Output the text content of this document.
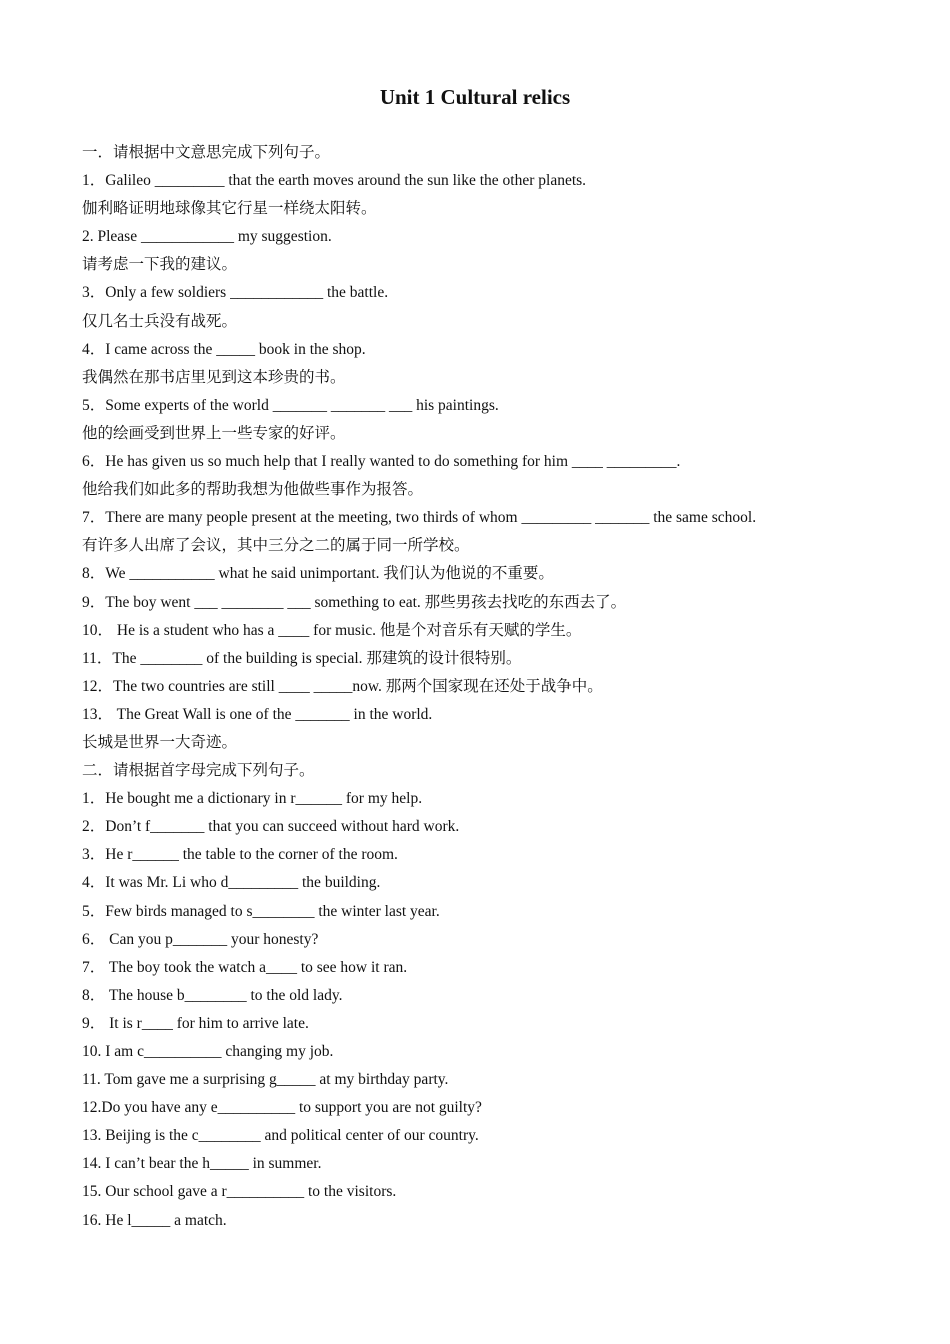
Unit 1 Cultural relics

一．请根据中文意思完成下列句子。

1．Galileo _________ that the earth moves around the sun like the other planets.

伽利略证明地球像其它行星一样绕太阳转。

2. Please ____________ my suggestion.

请考虑一下我的建议。

3．Only a few soldiers ____________ the battle.

仅几名士兵没有战死。

4．I came across the _____ book in the shop.

我偶然在那书店里见到这本珍贵的书。

5．Some experts of the world _______ _______ ___ his paintings.

他的绘画受到世界上一些专家的好评。

6．He has given us so much help that I really wanted to do something for him ____ _________.

他给我们如此多的帮助我想为他做些事作为报答。

7．There are many people present at the meeting, two thirds of whom _________ _______ the same school.

有许多人出席了会议，其中三分之二的属于同一所学校。

8．We ___________ what he said unimportant. 我们认为他说的不重要。

9．The boy went ___ ________ ___ something to eat. 那些男孩去找吃的东西去了。

10． He is a student who has a ____ for music. 他是个对音乐有天赋的学生。

11．The ________ of the building is special. 那建筑的设计很特别。

12．The two countries are still ____ _____now. 那两个国家现在还处于战争中。

13． The Great Wall is one of the _______ in the world.

长城是世界一大奇迹。

二．请根据首字母完成下列句子。

1．He bought me a dictionary in r______ for my help.

2．Don’t f_______ that you can succeed without hard work.

3．He r______ the table to the corner of the room.

4．It was Mr. Li who d_________ the building.

5．Few birds managed to s________ the winter last year.

6． Can you p_______ your honesty?

7． The boy took the watch a____ to see how it ran.

8． The house b________ to the old lady.

9． It is r____ for him to arrive late.

10. I am c__________ changing my job.

11. Tom gave me a surprising g_____ at my birthday party.

12.Do you have any e__________ to support you are not guilty?

13. Beijing is the c________ and political center of our country.

14. I can’t bear the h_____ in summer.

15. Our school gave a r__________ to the visitors.

16. He l_____ a match.
